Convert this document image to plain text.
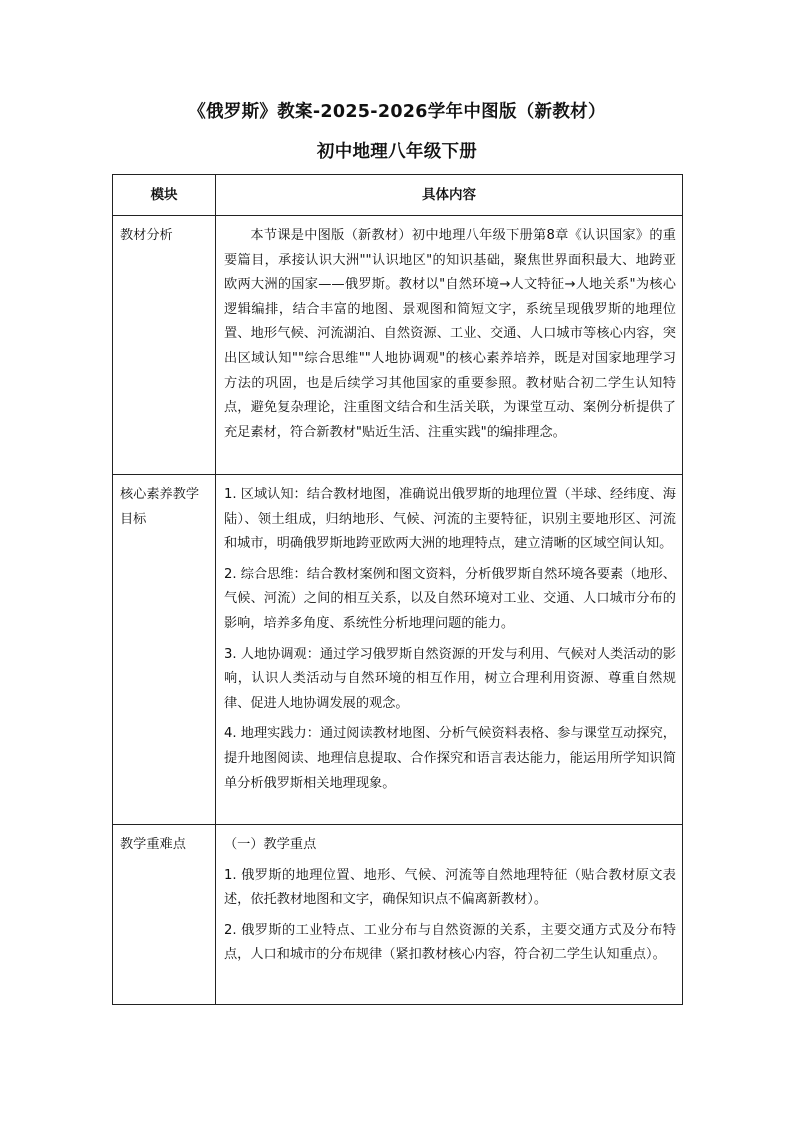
《俄罗斯》教案-2025-2026学年中图版（新教材）
初中地理八年级下册
模块	具体内容
教材分析	本节课是中图版（新教材）初中地理八年级下册第8章《认识国家》的重要篇目，承接认识大洲""认识地区"的知识基础，聚焦世界面积最大、地跨亚欧两大洲的国家——俄罗斯。教材以"自然环境→人文特征→人地关系"为核心逻辑编排，结合丰富的地图、景观图和简短文字，系统呈现俄罗斯的地理位置、地形气候、河流湖泊、自然资源、工业、交通、人口城市等核心内容，突出区域认知""综合思维""人地协调观"的核心素养培养，既是对国家地理学习方法的巩固，也是后续学习其他国家的重要参照。教材贴合初二学生认知特点，避免复杂理论，注重图文结合和生活关联，为课堂互动、案例分析提供了充足素材，符合新教材"贴近生活、注重实践"的编排理念。

核心素养教学目标	1. 区域认知：结合教材地图，准确说出俄罗斯的地理位置（半球、经纬度、海陆）、领土组成，归纳地形、气候、河流的主要特征，识别主要地形区、河流和城市，明确俄罗斯地跨亚欧两大洲的地理特点，建立清晰的区域空间认知。

2. 综合思维：结合教材案例和图文资料，分析俄罗斯自然环境各要素（地形、气候、河流）之间的相互关系，以及自然环境对工业、交通、人口城市分布的影响，培养多角度、系统性分析地理问题的能力。

3. 人地协调观：通过学习俄罗斯自然资源的开发与利用、气候对人类活动的影响，认识人类活动与自然环境的相互作用，树立合理利用资源、尊重自然规律、促进人地协调发展的观念。

4. 地理实践力：通过阅读教材地图、分析气候资料表格、参与课堂互动探究，提升地图阅读、地理信息提取、合作探究和语言表达能力，能运用所学知识简单分析俄罗斯相关地理现象。

教学重难点	（一）教学重点

1. 俄罗斯的地理位置、地形、气候、河流等自然地理特征（贴合教材原文表述，依托教材地图和文字，确保知识点不偏离新教材）。

2. 俄罗斯的工业特点、工业分布与自然资源的关系，主要交通方式及分布特点，人口和城市的分布规律（紧扣教材核心内容，符合初二学生认知重点）。
